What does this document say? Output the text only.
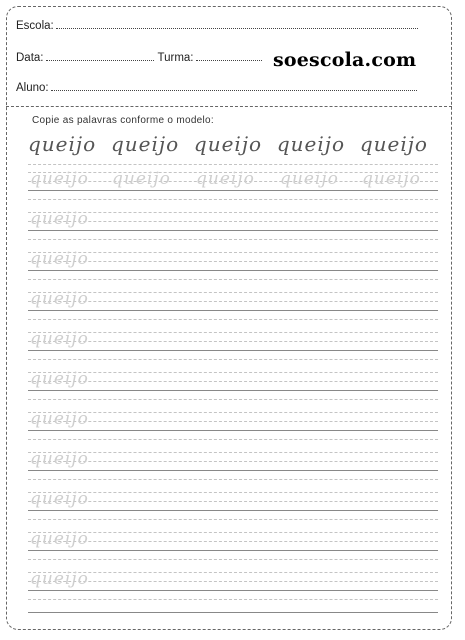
Escola:
Data:	Turma:	soescola.com
Aluno:
Copie as palavras conforme o modelo:
queijo queijo queijo queijo queijo
queijo queijo queijo queijo queijo
queijo
queijo
queijo
queijo
queijo
queijo
queijo
queijo
queijo
queijo
